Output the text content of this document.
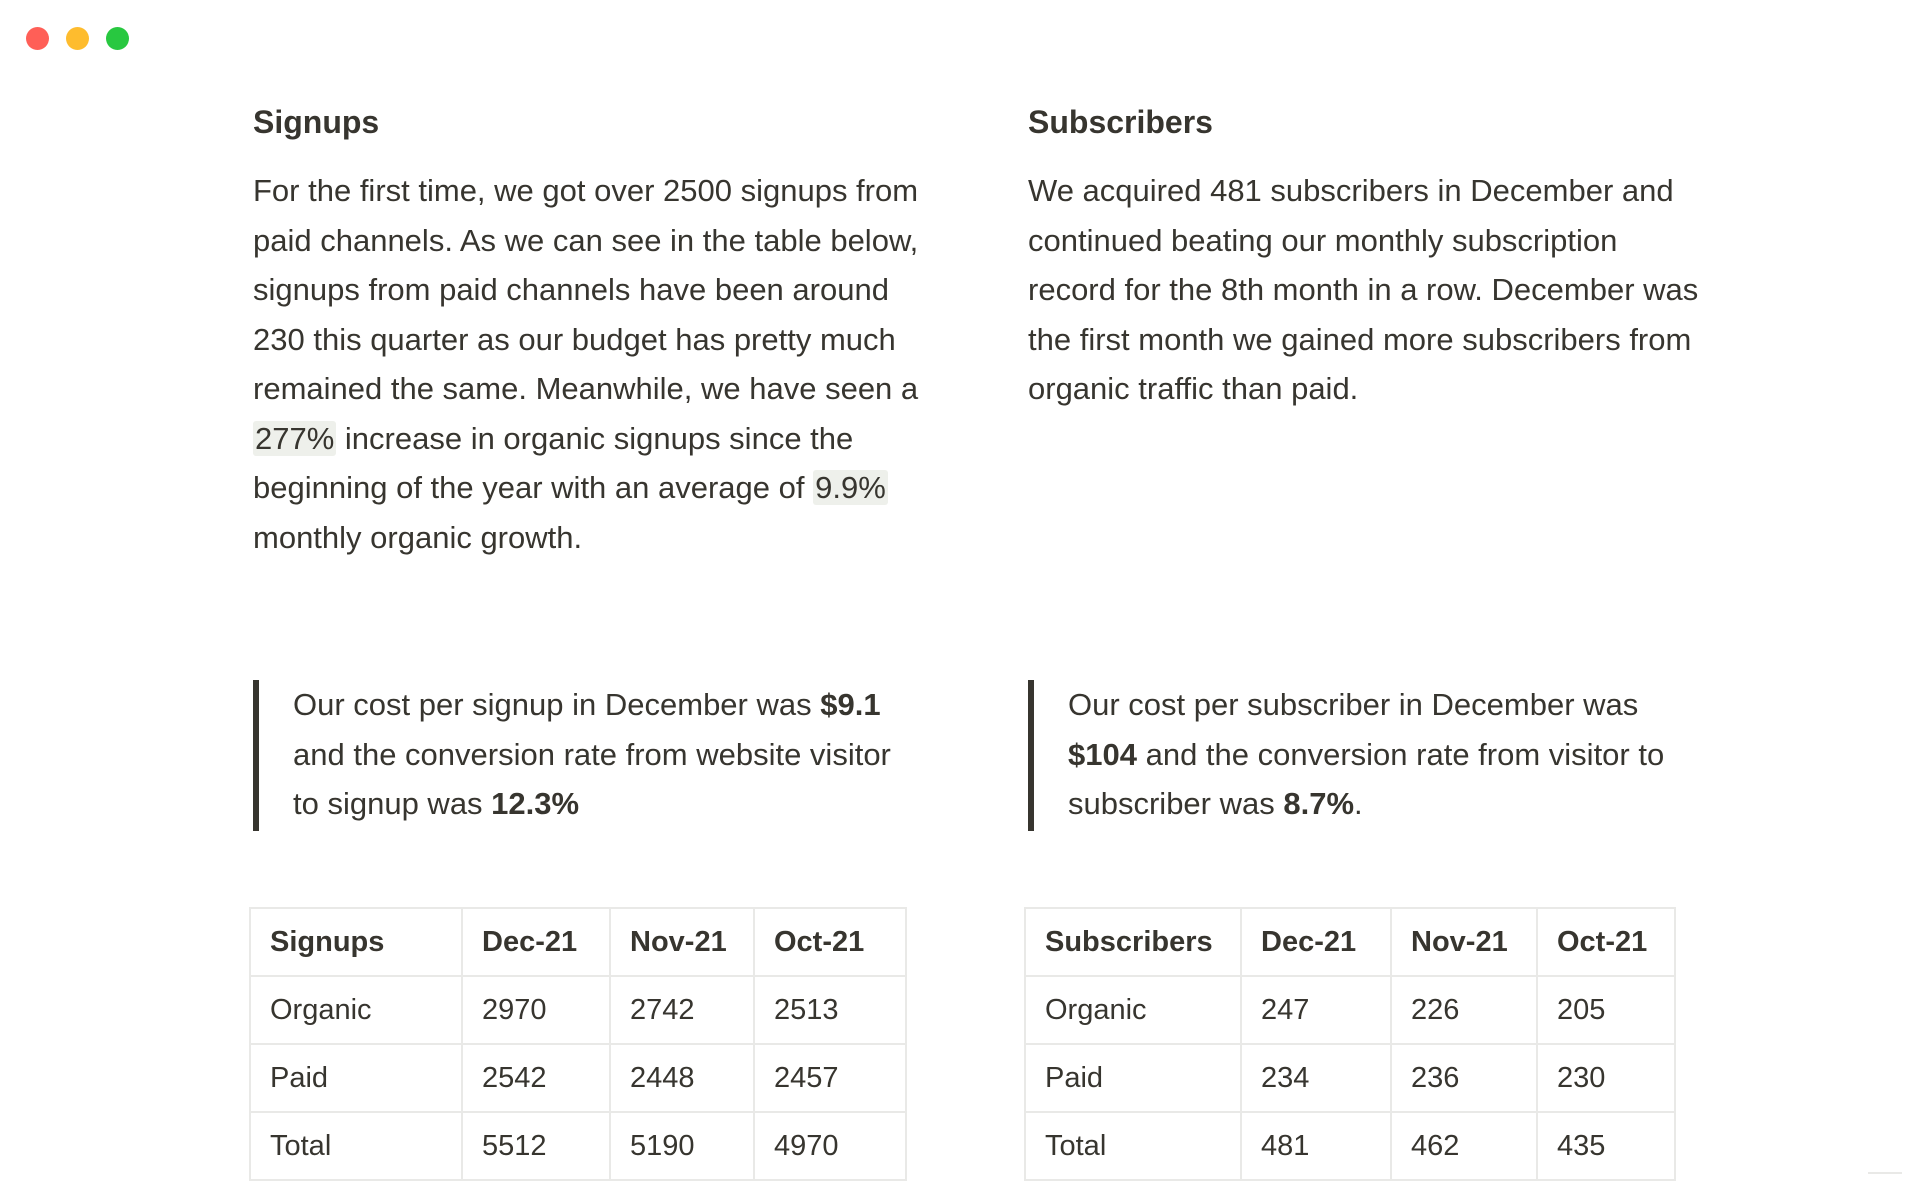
Signups

For the first time, we got over 2500 signups from paid channels. As we can see in the table below, signups from paid channels have been around 230 this quarter as our budget has pretty much remained the same. Meanwhile, we have seen a 277% increase in organic signups since the beginning of the year with an average of 9.9% monthly organic growth.

Our cost per signup in December was $9.1 and the conversion rate from website visitor to signup was 12.3%
Signups	Dec-21	Nov-21	Oct-21
Organic	2970	2742	2513
Paid	2542	2448	2457
Total	5512	5190	4970
Subscribers

We acquired 481 subscribers in December and continued beating our monthly subscription record for the 8th month in a row. December was the first month we gained more subscribers from organic traffic than paid.

Our cost per subscriber in December was $104 and the conversion rate from visitor to subscriber was 8.7%.
Subscribers	Dec-21	Nov-21	Oct-21
Organic	247	226	205
Paid	234	236	230
Total	481	462	435
